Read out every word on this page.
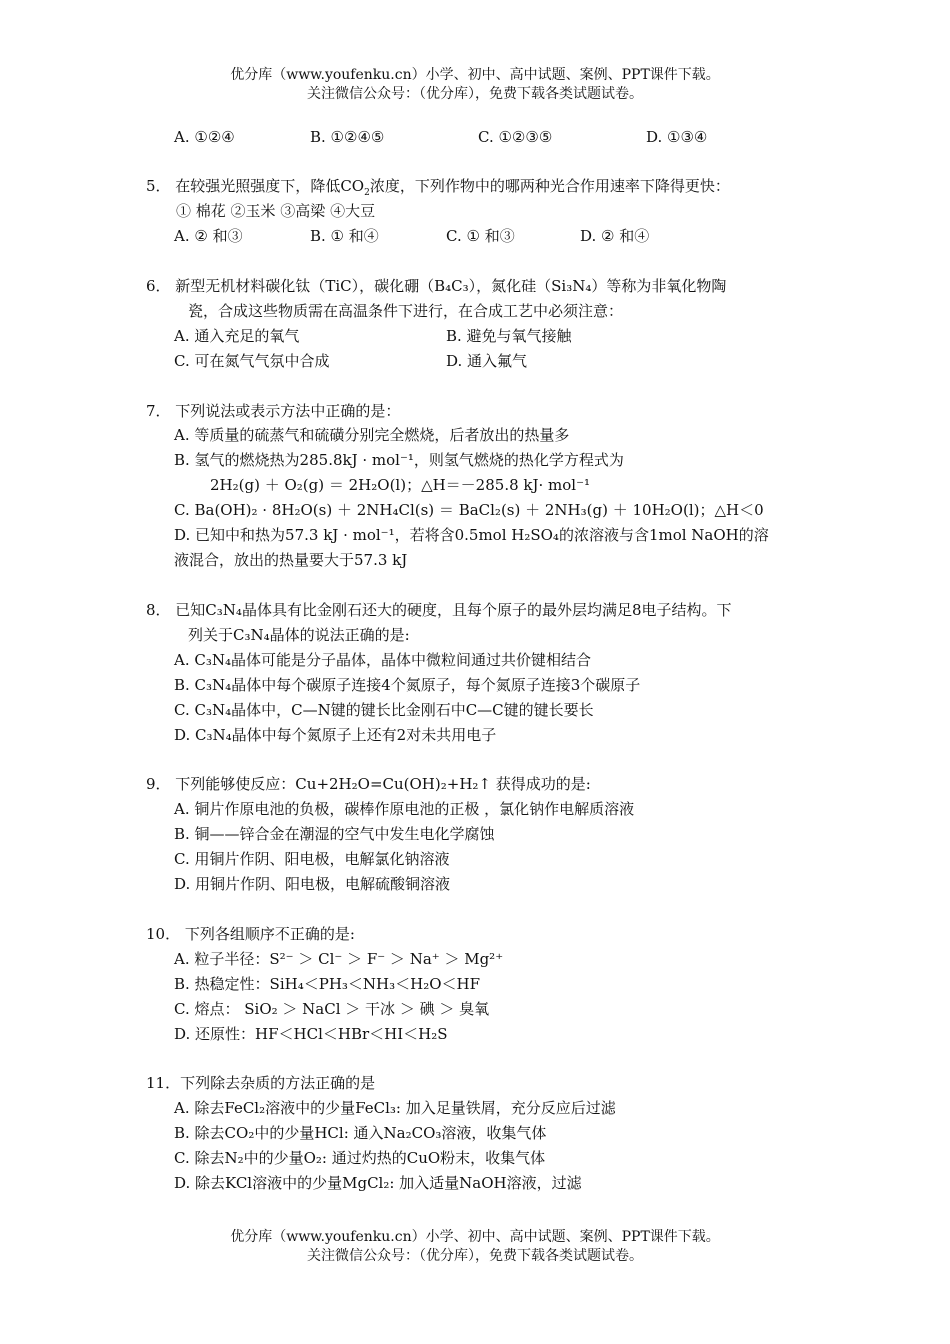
优分库（www.youfenku.cn）小学、初中、高中试题、案例、PPT课件下载。
关注微信公众号：（优分库），免费下载各类试题试卷。
A. ①②④	B. ①②④⑤	C. ①②③⑤	D. ①③④
5． 在较强光照强度下，降低$CO_2$浓度，下列作物中的哪两种光合作用速率下降得更快：
① 棉花 ②玉米 ③高梁 ④大豆
A. ② 和③	B. ① 和④	C. ① 和③	D. ② 和④
6． 新型无机材料碳化钛（TiC），碳化硼（B₄C₃），氮化硅（Si₃N₄）等称为非氧化物陶
瓷，合成这些物质需在高温条件下进行，在合成工艺中必须注意：
A. 通入充足的氧气	B. 避免与氧气接触
C. 可在氮气气氛中合成	D. 通入氟气
7． 下列说法或表示方法中正确的是：
A. 等质量的硫蒸气和硫磺分别完全燃烧，后者放出的热量多
B. 氢气的燃烧热为285.8kJ · mol⁻¹，则氢气燃烧的热化学方程式为
2H₂(g) ＋ O₂(g) ＝ 2H₂O(l)；△H＝－285.8 kJ· mol⁻¹
C. Ba(OH)₂ · 8H₂O(s) ＋ 2NH₄Cl(s) ＝ BaCl₂(s) ＋ 2NH₃(g) ＋ 10H₂O(l)；△H＜0
D. 已知中和热为57.3 kJ · mol⁻¹，若将含0.5mol H₂SO₄的浓溶液与含1mol NaOH的溶
液混合，放出的热量要大于57.3 kJ
8． 已知C₃N₄晶体具有比金刚石还大的硬度，且每个原子的最外层均满足8电子结构。下
列关于C₃N₄晶体的说法正确的是:
A. C₃N₄晶体可能是分子晶体，晶体中微粒间通过共价键相结合
B. C₃N₄晶体中每个碳原子连接4个氮原子，每个氮原子连接3个碳原子
C. C₃N₄晶体中，C—N键的键长比金刚石中C—C键的键长要长
D. C₃N₄晶体中每个氮原子上还有2对未共用电子
9． 下列能够使反应：Cu+2H₂O=Cu(OH)₂+H₂↑ 获得成功的是:
A. 铜片作原电池的负极，碳棒作原电池的正极 ，氯化钠作电解质溶液
B. 铜——锌合金在潮湿的空气中发生电化学腐蚀
C. 用铜片作阴、阳电极，电解氯化钠溶液
D. 用铜片作阴、阳电极，电解硫酸铜溶液
10． 下列各组顺序不正确的是:
A. 粒子半径：S²⁻ ＞ Cl⁻ ＞ F⁻ ＞ Na⁺ ＞ Mg²⁺
B. 热稳定性：SiH₄＜PH₃＜NH₃＜H₂O＜HF
C. 熔点： SiO₂ ＞ NaCl ＞ 干冰 ＞ 碘 ＞ 臭氧
D. 还原性：HF＜HCl＜HBr＜HI＜H₂S
11．下列除去杂质的方法正确的是
A. 除去FeCl₂溶液中的少量FeCl₃: 加入足量铁屑，充分反应后过滤
B. 除去CO₂中的少量HCl: 通入Na₂CO₃溶液，收集气体
C. 除去N₂中的少量O₂: 通过灼热的CuO粉末，收集气体
D. 除去KCl溶液中的少量MgCl₂: 加入适量NaOH溶液，过滤
优分库（www.youfenku.cn）小学、初中、高中试题、案例、PPT课件下载。
关注微信公众号：（优分库），免费下载各类试题试卷。
